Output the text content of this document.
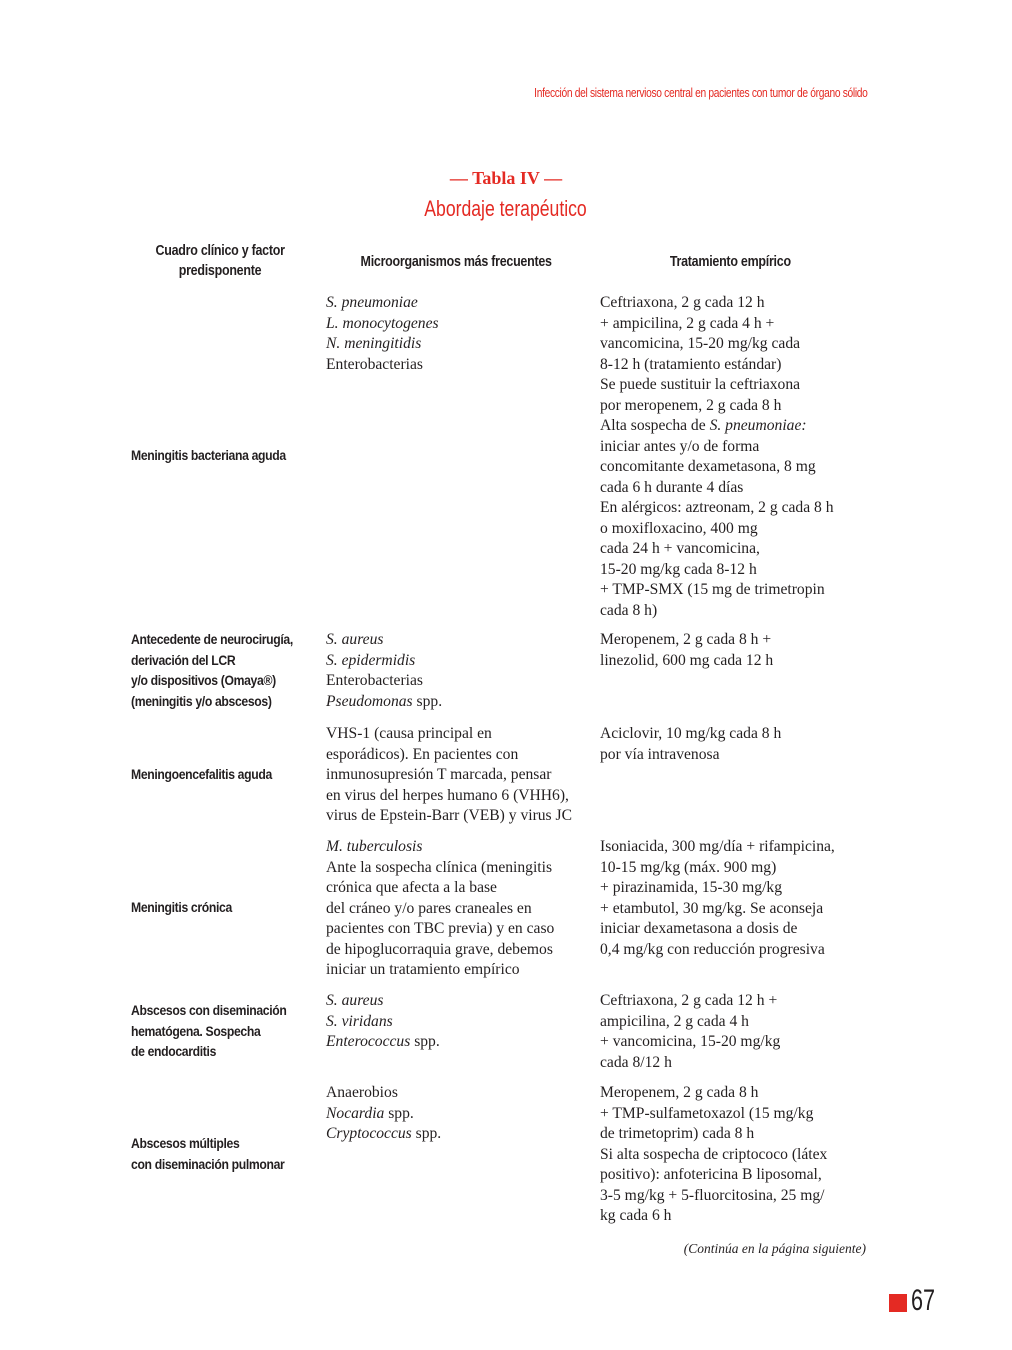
Infección del sistema nervioso central en pacientes con tumor de órgano sólido
— Tabla IV —
Abordaje terapéutico
Cuadro clínico y factor
predisponente
Microorganismos más frecuentes	Tratamiento empírico
Meningitis bacteriana aguda
S. pneumoniae
L. monocytogenes
N. meningitidis
Enterobacterias
Ceftriaxona, 2 g cada 12 h
+ ampicilina, 2 g cada 4 h +
vancomicina, 15-20 mg/kg cada
8-12 h (tratamiento estándar)
Se puede sustituir la ceftriaxona
por meropenem, 2 g cada 8 h
Alta sospecha de S. pneumoniae:
iniciar antes y/o de forma
concomitante dexametasona, 8 mg
cada 6 h durante 4 días
En alérgicos: aztreonam, 2 g cada 8 h
o moxifloxacino, 400 mg
cada 24 h + vancomicina,
15-20 mg/kg cada 8-12 h
+ TMP-SMX (15 mg de trimetropin
cada 8 h)
Antecedente de neurocirugía,
derivación del LCR
y/o dispositivos (Omaya®)
(meningitis y/o abscesos)
S. aureus
S. epidermidis
Enterobacterias
Pseudomonas spp.
Meropenem, 2 g cada 8 h +
linezolid, 600 mg cada 12 h
Meningoencefalitis aguda
VHS-1 (causa principal en
esporádicos). En pacientes con
inmunosupresión T marcada, pensar
en virus del herpes humano 6 (VHH6),
virus de Epstein-Barr (VEB) y virus JC
Aciclovir, 10 mg/kg cada 8 h
por vía intravenosa
Meningitis crónica
M. tuberculosis
Ante la sospecha clínica (meningitis
crónica que afecta a la base
del cráneo y/o pares craneales en
pacientes con TBC previa) y en caso
de hipoglucorraquia grave, debemos
iniciar un tratamiento empírico
Isoniacida, 300 mg/día + rifampicina,
10-15 mg/kg (máx. 900 mg)
+ pirazinamida, 15-30 mg/kg
+ etambutol, 30 mg/kg. Se aconseja
iniciar dexametasona a dosis de
0,4 mg/kg con reducción progresiva
Abscesos con diseminación
hematógena. Sospecha
de endocarditis
S. aureus
S. viridans
Enterococcus spp.
Ceftriaxona, 2 g cada 12 h +
ampicilina, 2 g cada 4 h
+ vancomicina, 15-20 mg/kg
cada 8/12 h
Abscesos múltiples
con diseminación pulmonar
Anaerobios
Nocardia spp.
Cryptococcus spp.
Meropenem, 2 g cada 8 h
+ TMP-sulfametoxazol (15 mg/kg
de trimetoprim) cada 8 h
Si alta sospecha de criptococo (látex
positivo): anfotericina B liposomal,
3-5 mg/kg + 5-fluorcitosina, 25 mg/
kg cada 6 h
(Continúa en la página siguiente)
67
